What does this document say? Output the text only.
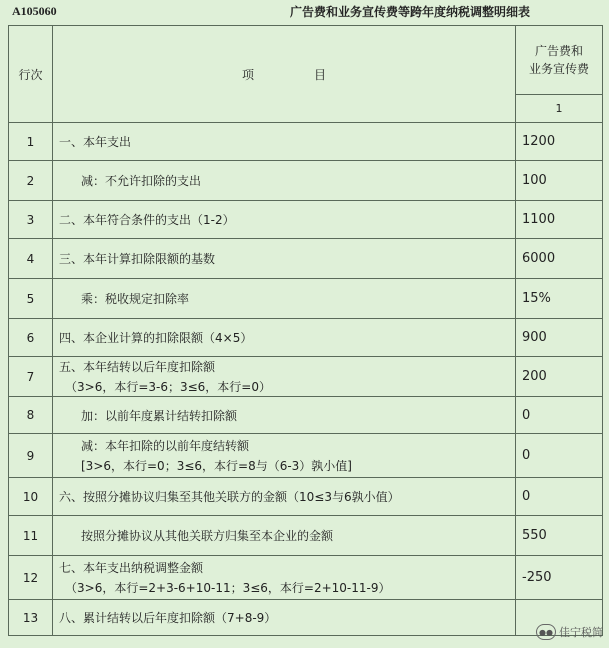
A105060	广告费和业务宣传费等跨年度纳税调整明细表
行次	项　　　　　目	广告费和
业务宣传费
1

1	一、本年支出	1200
2	减：不允许扣除的支出	100
3	二、本年符合条件的支出（1-2）	1100
4	三、本年计算扣除限额的基数	6000
5	乘：税收规定扣除率	15%
6	四、本企业计算的扣除限额（4×5）	900
7	五、本年结转以后年度扣除额
（3>6，本行=3-6；3≤6，本行=0）	200
8	加：以前年度累计结转扣除额	0
9	减：本年扣除的以前年度结转额
[3>6，本行=0；3≤6，本行=8与（6-3）孰小值]	0
10	六、按照分摊协议归集至其他关联方的金额（10≤3与6孰小值）	0
11	按照分摊协议从其他关联方归集至本企业的金额	550
12	七、本年支出纳税调整金额
（3>6，本行=2+3-6+10-11；3≤6，本行=2+10-11-9）	-250
13	八、累计结转以后年度扣除额（7+8-9）	
●● 佳宁税简
